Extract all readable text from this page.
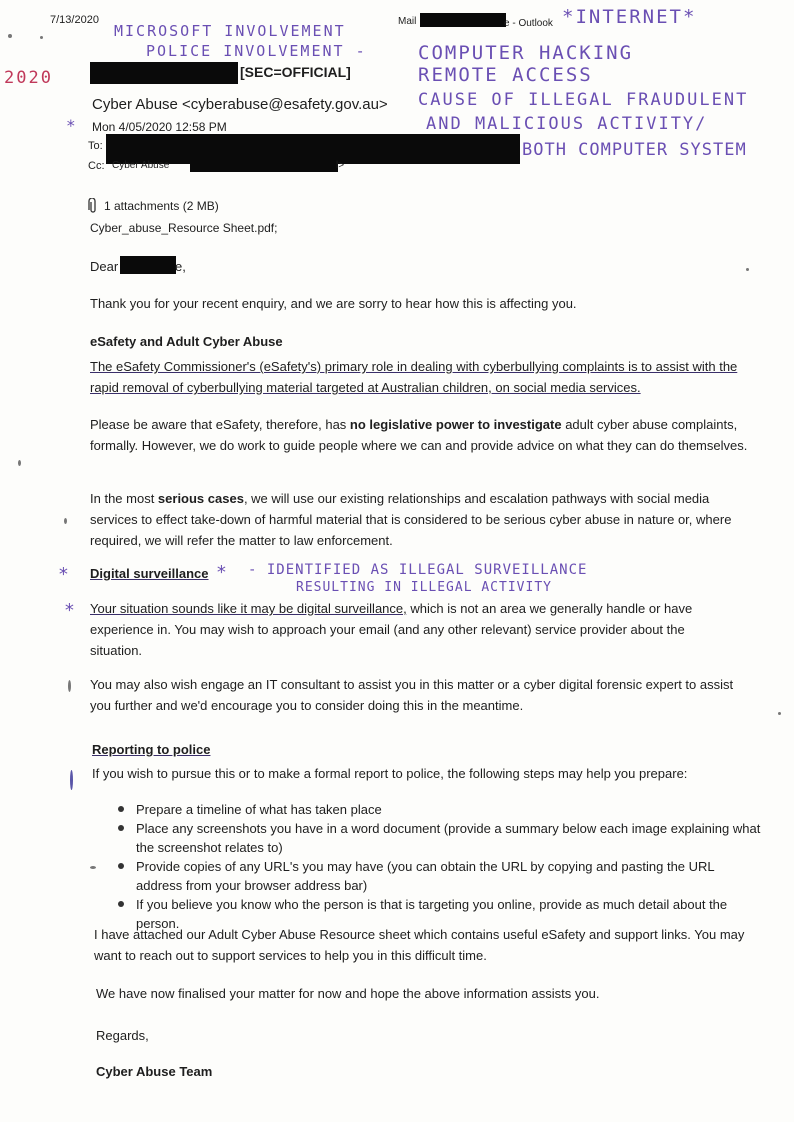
7/13/2020	Mail	e - Outlook *INTERNET*
MICROSOFT INVOLVEMENT
POLICE INVOLVEMENT -	COMPUTER HACKING
2020	REMOTE ACCESS
CAUSE OF ILLEGAL FRAUDULENT
AND MALICIOUS ACTIVITY/
BOTH COMPUTER SYSTEM
[SEC=OFFICIAL]
Cyber Abuse <cyberabuse@esafety.gov.au>
* Mon 4/05/2020 12:58 PM
To:
Cc: Cyber Abuse	l>
1 attachments (2 MB)
Cyber_abuse_Resource Sheet.pdf;
Dear	e,
Thank you for your recent enquiry, and we are sorry to hear how this is affecting you.
eSafety and Adult Cyber Abuse
The eSafety Commissioner's (eSafety's) primary role in dealing with cyberbullying complaints is to assist with the rapid removal of cyberbullying material targeted at Australian children, on social media services.
Please be aware that eSafety, therefore, has no legislative power to investigate adult cyber abuse complaints, formally. However, we do work to guide people where we can and provide advice on what they can do themselves.
In the most serious cases, we will use our existing relationships and escalation pathways with social media services to effect take-down of harmful material that is considered to be serious cyber abuse in nature or, where required, we will refer the matter to law enforcement.
* Digital surveillance * - IDENTIFIED AS ILLEGAL SURVEILLANCE
RESULTING IN ILLEGAL ACTIVITY
* Your situation sounds like it may be digital surveillance, which is not an area we generally handle or have experience in. You may wish to approach your email (and any other relevant) service provider about the situation.
You may also wish engage an IT consultant to assist you in this matter or a cyber digital forensic expert to assist you further and we'd encourage you to consider doing this in the meantime.
Reporting to police
If you wish to pursue this or to make a formal report to police, the following steps may help you prepare:
Prepare a timeline of what has taken place
Place any screenshots you have in a word document (provide a summary below each image explaining what the screenshot relates to)
Provide copies of any URL's you may have (you can obtain the URL by copying and pasting the URL address from your browser address bar)
If you believe you know who the person is that is targeting you online, provide as much detail about the person.
I have attached our Adult Cyber Abuse Resource sheet which contains useful eSafety and support links. You may want to reach out to support services to help you in this difficult time.
We have now finalised your matter for now and hope the above information assists you.
Regards,
Cyber Abuse Team
